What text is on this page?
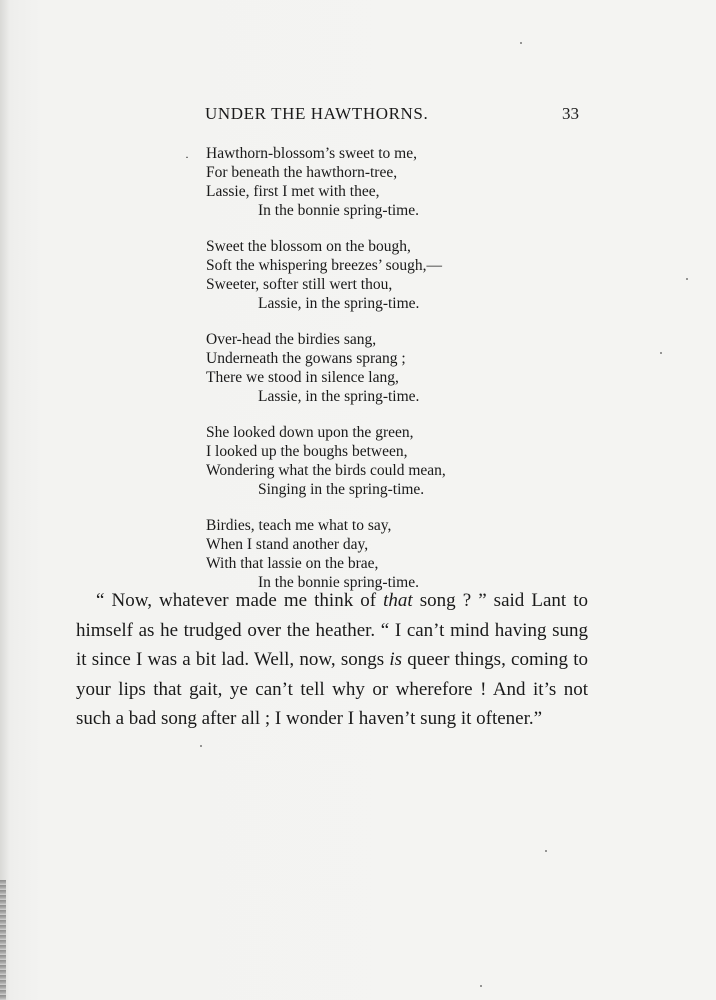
UNDER THE HAWTHORNS.	33
· Hawthorn-blossom’s sweet to me,
For beneath the hawthorn-tree,
Lassie, first I met with thee,
In the bonnie spring-time.
Sweet the blossom on the bough,
Soft the whispering breezes’ sough,—
Sweeter, softer still wert thou,
Lassie, in the spring-time.
Over-head the birdies sang,
Underneath the gowans sprang ;
There we stood in silence lang,
Lassie, in the spring-time.
She looked down upon the green,
I looked up the boughs between,
Wondering what the birds could mean,
Singing in the spring-time.
Birdies, teach me what to say,
When I stand another day,
With that lassie on the brae,
In the bonnie spring-time.

“ Now, whatever made me think of that song ? ” said Lant to himself as he trudged over the heather. “ I can’t mind having sung it since I was a bit lad. Well, now, songs is queer things, coming to your lips that gait, ye can’t tell why or wherefore ! And it’s not such a bad song after all ; I wonder I haven’t sung it oftener.”
